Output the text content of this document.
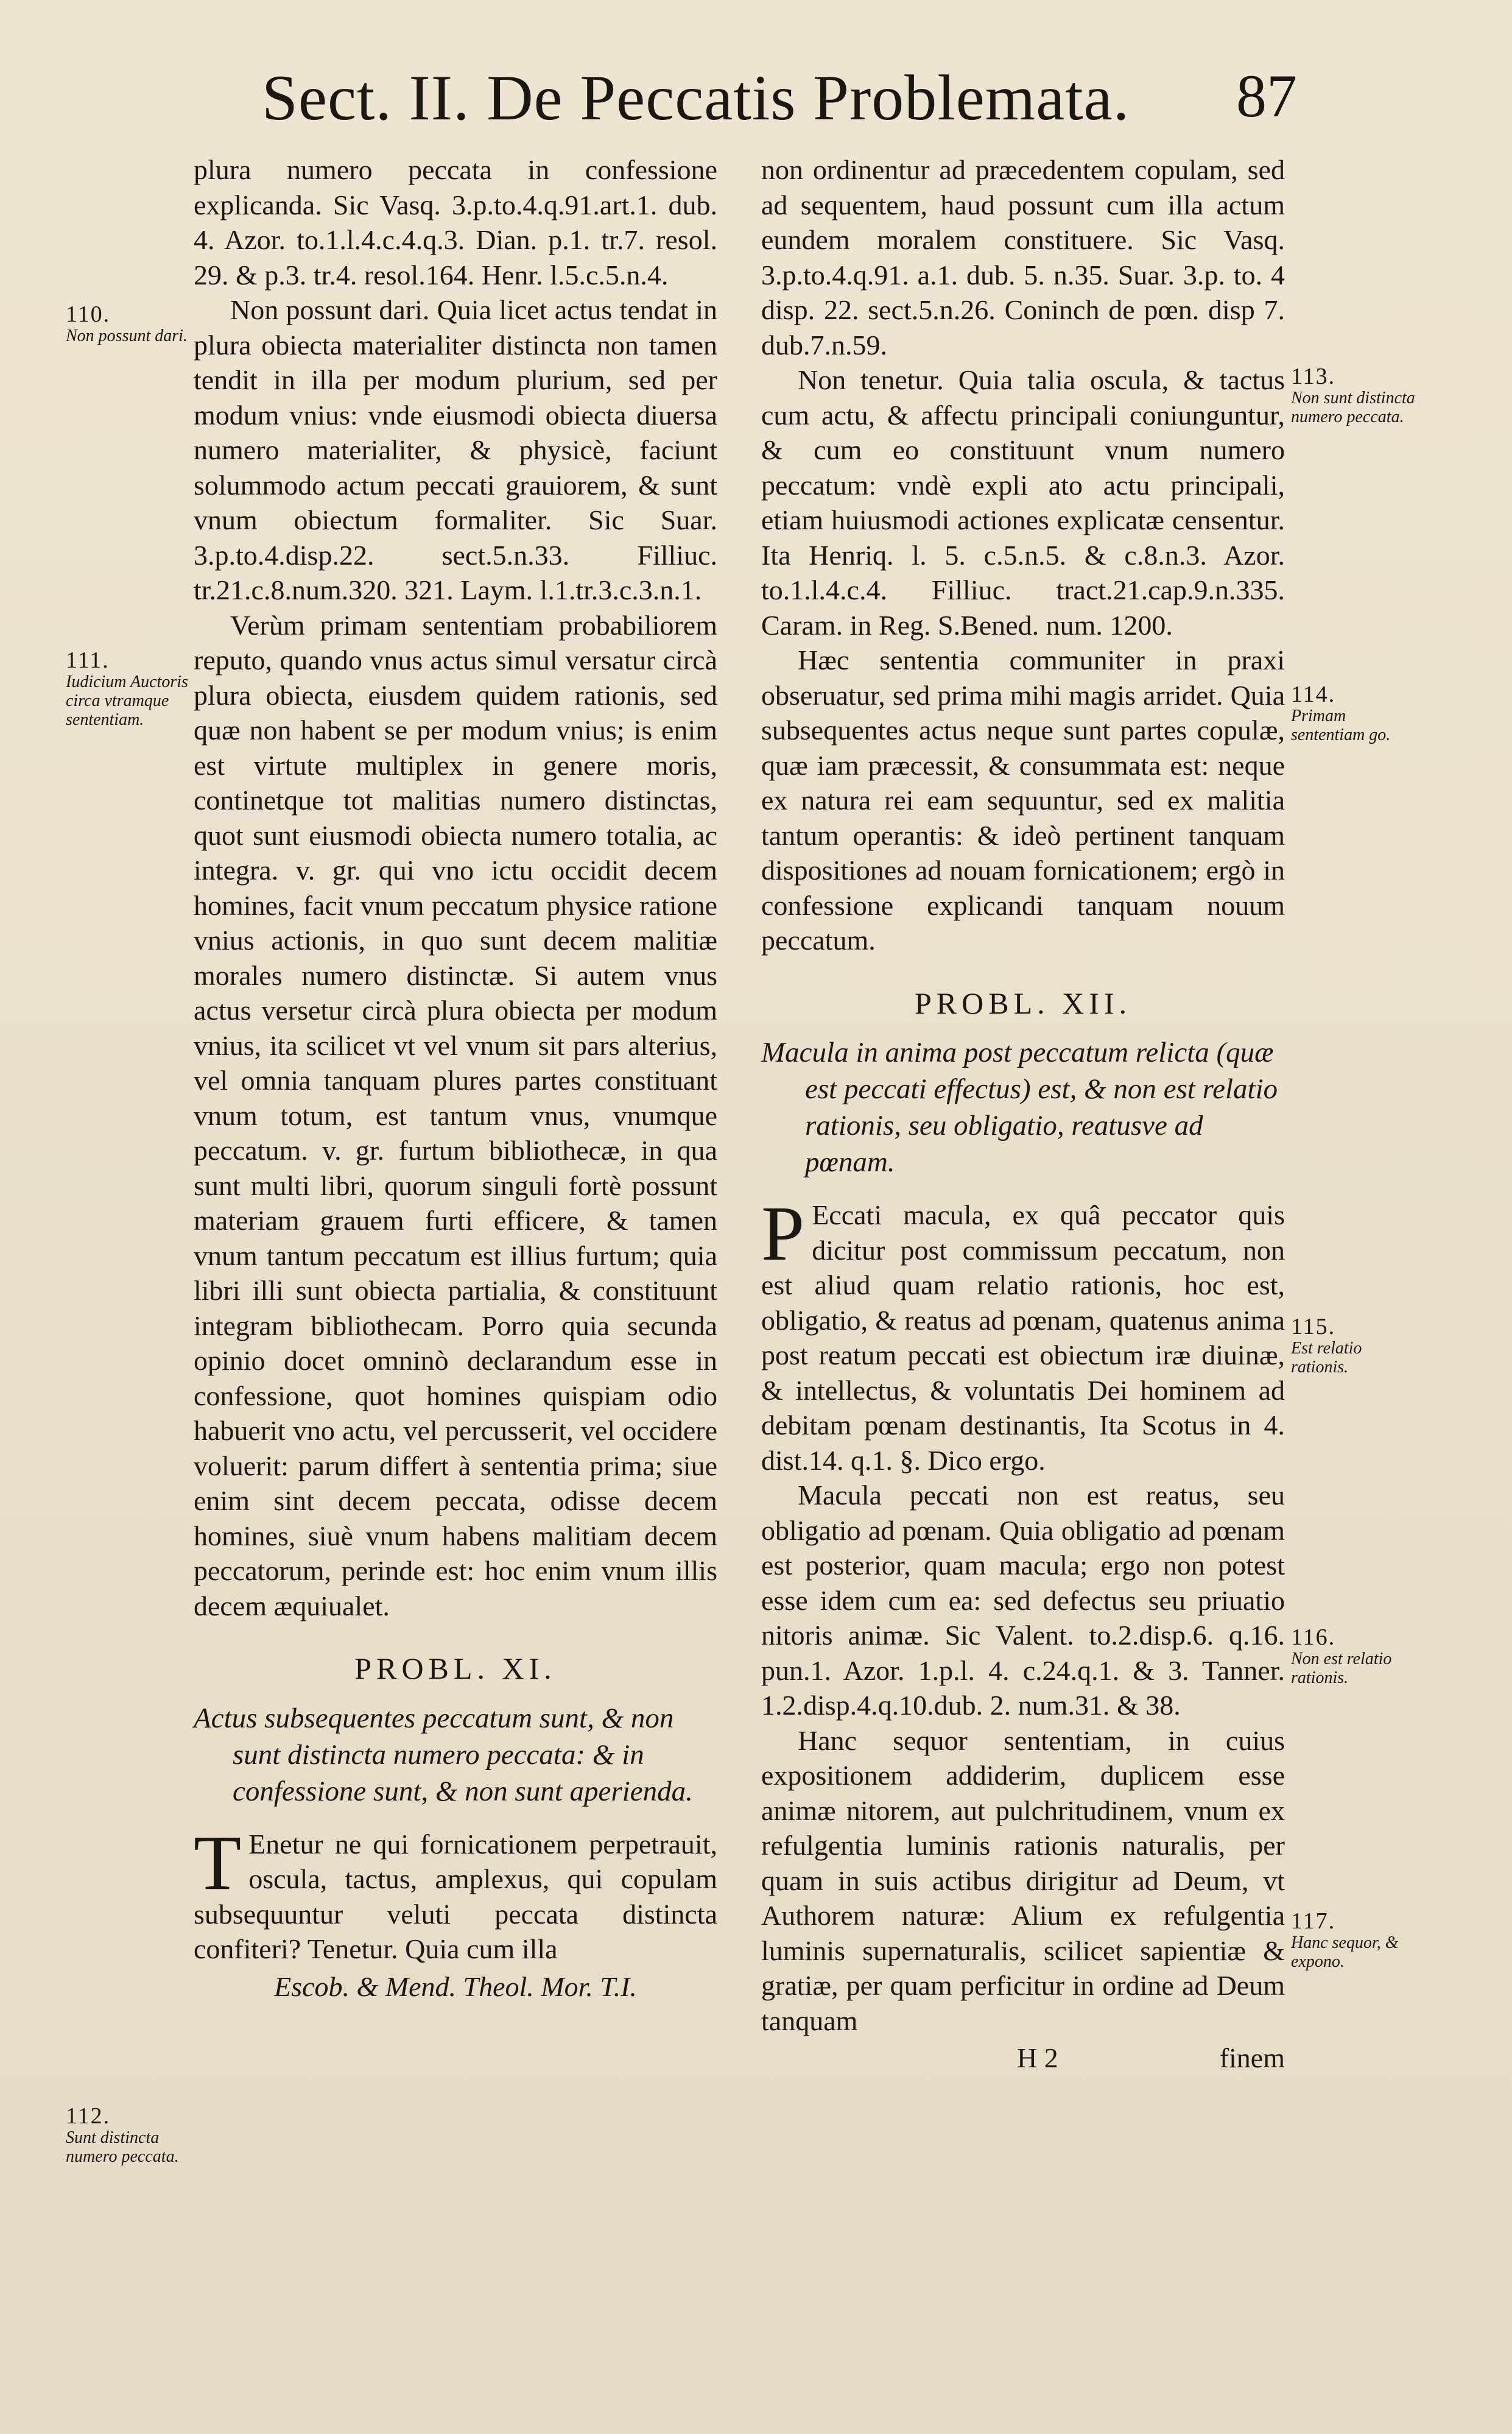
Sect. II. De Peccatis Problemata. 87

plura numero peccata in confessione explicanda. Sic Vasq. 3.p.to.4.q.91.art.1. dub. 4. Azor. to.1.l.4.c.4.q.3. Dian. p.1. tr.7. resol. 29. & p.3. tr.4. resol.164. Henr. l.5.c.5.n.4.

Non possunt dari. Quia licet actus tendat in plura obiecta materialiter distincta non tamen tendit in illa per modum plurium, sed per modum vnius: vnde eiusmodi obiecta diuersa numero materialiter, & physicè, faciunt solummodo actum peccati grauiorem, & sunt vnum obiectum formaliter. Sic Suar. 3.p.to.4.disp.22. sect.5.n.33. Filliuc. tr.21.c.8.num.320. 321. Laym. l.1.tr.3.c.3.n.1.

Verùm primam sententiam probabiliorem reputo, quando vnus actus simul versatur circà plura obiecta, eiusdem quidem rationis, sed quæ non habent se per modum vnius; is enim est virtute multiplex in genere moris, continetque tot malitias numero distinctas, quot sunt eiusmodi obiecta numero totalia, ac integra. v. gr. qui vno ictu occidit decem homines, facit vnum peccatum physice ratione vnius actionis, in quo sunt decem malitiæ morales numero distinctæ. Si autem vnus actus versetur circà plura obiecta per modum vnius, ita scilicet vt vel vnum sit pars alterius, vel omnia tanquam plures partes constituant vnum totum, est tantum vnus, vnumque peccatum. v. gr. furtum bibliothecæ, in qua sunt multi libri, quorum singuli fortè possunt materiam grauem furti efficere, & tamen vnum tantum peccatum est illius furtum; quia libri illi sunt obiecta partialia, & constituunt integram bibliothecam. Porro quia secunda opinio docet omninò declarandum esse in confessione, quot homines quispiam odio habuerit vno actu, vel percusserit, vel occidere voluerit: parum differt à sententia prima; siue enim sint decem peccata, odisse decem homines, siuè vnum habens malitiam decem peccatorum, perinde est: hoc enim vnum illis decem æquiualet.

PROBL. XI.
Actus subsequentes peccatum sunt, & non sunt distincta numero peccata: & in confessione sunt, & non sunt aperienda.

T Enetur ne qui fornicationem perpetrauit, oscula, tactus, amplexus, qui copulam subsequuntur veluti peccata distincta confiteri? Tenetur. Quia cum illa

Escob. & Mend. Theol. Mor. T.I.

non ordinentur ad præcedentem copulam, sed ad sequentem, haud possunt cum illa actum eundem moralem constituere. Sic Vasq. 3.p.to.4.q.91. a.1. dub. 5. n.35. Suar. 3.p. to. 4 disp. 22. sect.5.n.26. Coninch de pœn. disp 7. dub.7.n.59.

Non tenetur. Quia talia oscula, & tactus cum actu, & affectu principali coniunguntur, & cum eo constituunt vnum numero peccatum: vndè expli ato actu principali, etiam huiusmodi actiones explicatæ censentur. Ita Henriq. l. 5. c.5.n.5. & c.8.n.3. Azor. to.1.l.4.c.4. Filliuc. tract.21.cap.9.n.335. Caram. in Reg. S.Bened. num. 1200.

Hæc sententia communiter in praxi obseruatur, sed prima mihi magis arridet. Quia subsequentes actus neque sunt partes copulæ, quæ iam præcessit, & consummata est: neque ex natura rei eam sequuntur, sed ex malitia tantum operantis: & ideò pertinent tanquam dispositiones ad nouam fornicationem; ergò in confessione explicandi tanquam nouum peccatum.

PROBL. XII.
Macula in anima post peccatum relicta (quæ est peccati effectus) est, & non est relatio rationis, seu obligatio, reatusve ad pœnam.

P Eccati macula, ex quâ peccator quis dicitur post commissum peccatum, non est aliud quam relatio rationis, hoc est, obligatio, & reatus ad pœnam, quatenus anima post reatum peccati est obiectum iræ diuinæ, & intellectus, & voluntatis Dei hominem ad debitam pœnam destinantis, Ita Scotus in 4. dist.14. q.1. §. Dico ergo.

Macula peccati non est reatus, seu obligatio ad pœnam. Quia obligatio ad pœnam est posterior, quam macula; ergo non potest esse idem cum ea: sed defectus seu priuatio nitoris animæ. Sic Valent. to.2.disp.6. q.16. pun.1. Azor. 1.p.l. 4. c.24.q.1. & 3. Tanner. 1.2.disp.4.q.10.dub. 2. num.31. & 38.

Hanc sequor sententiam, in cuius expositionem addiderim, duplicem esse animæ nitorem, aut pulchritudinem, vnum ex refulgentia luminis rationis naturalis, per quam in suis actibus dirigitur ad Deum, vt Authorem naturæ: Alium ex refulgentia luminis supernaturalis, scilicet sapientiæ & gratiæ, per quam perficitur in ordine ad Deum tanquam

H 2	finem
110.
Non possunt dari.
111.
Iudicium Auctoris circa vtramque sententiam.
112.
Sunt distincta numero peccata.
113.
Non sunt distincta numero peccata.
114.
Primam sententiam go.
115.
Est relatio rationis.
116.
Non est relatio rationis.
117.
Hanc sequor, & expono.
